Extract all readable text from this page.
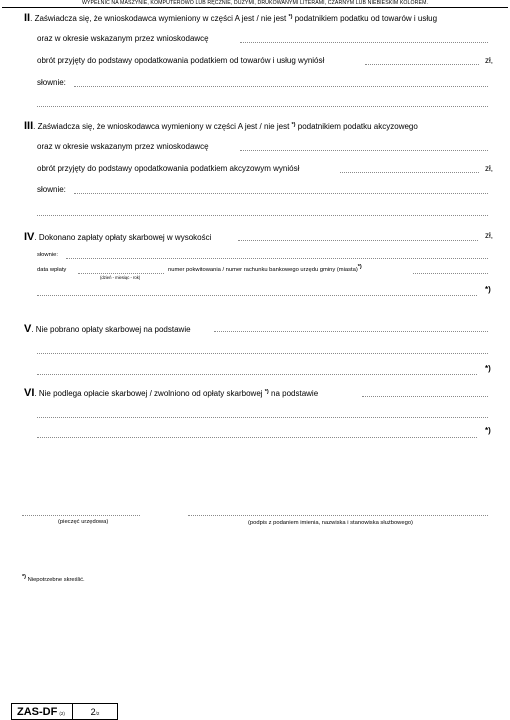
WYPEŁNIĆ NA MASZYNIE, KOMPUTEROWO LUB RĘCZNIE, DUŻYMI, DRUKOWANYMI LITERAMI, CZARNYM LUB NIEBIESKIM KOLOREM.
II. Zaświadcza się, że wnioskodawca wymieniony w części A jest / nie jest *) podatnikiem podatku od towarów i usług
oraz w okresie wskazanym przez wnioskodawcę
obrót przyjęty do podstawy opodatkowania podatkiem od towarów i usług wyniósł	zł,
słownie:
III. Zaświadcza się, że wnioskodawca wymieniony w części A jest / nie jest *) podatnikiem podatku akcyzowego
oraz w okresie wskazanym przez wnioskodawcę
obrót przyjęty do podstawy opodatkowania podatkiem akcyzowym wyniósł	zł,
słownie:
IV. Dokonano zapłaty opłaty skarbowej w wysokości	zł,
słownie:
data wpłaty
(dzień - miesiąc - rok)
numer pokwitowania / numer rachunku bankowego urzędu gminy (miasta)*)
*)
V. Nie pobrano opłaty skarbowej na podstawie
*)
VI. Nie podlega opłacie skarbowej / zwolniono od opłaty skarbowej *) na podstawie
*)
(pieczęć urzędowa)	(podpis z podaniem imienia, nazwiska i stanowiska służbowego)
*) Niepotrzebne skreślić.
ZAS-DF (2)	2 /2
